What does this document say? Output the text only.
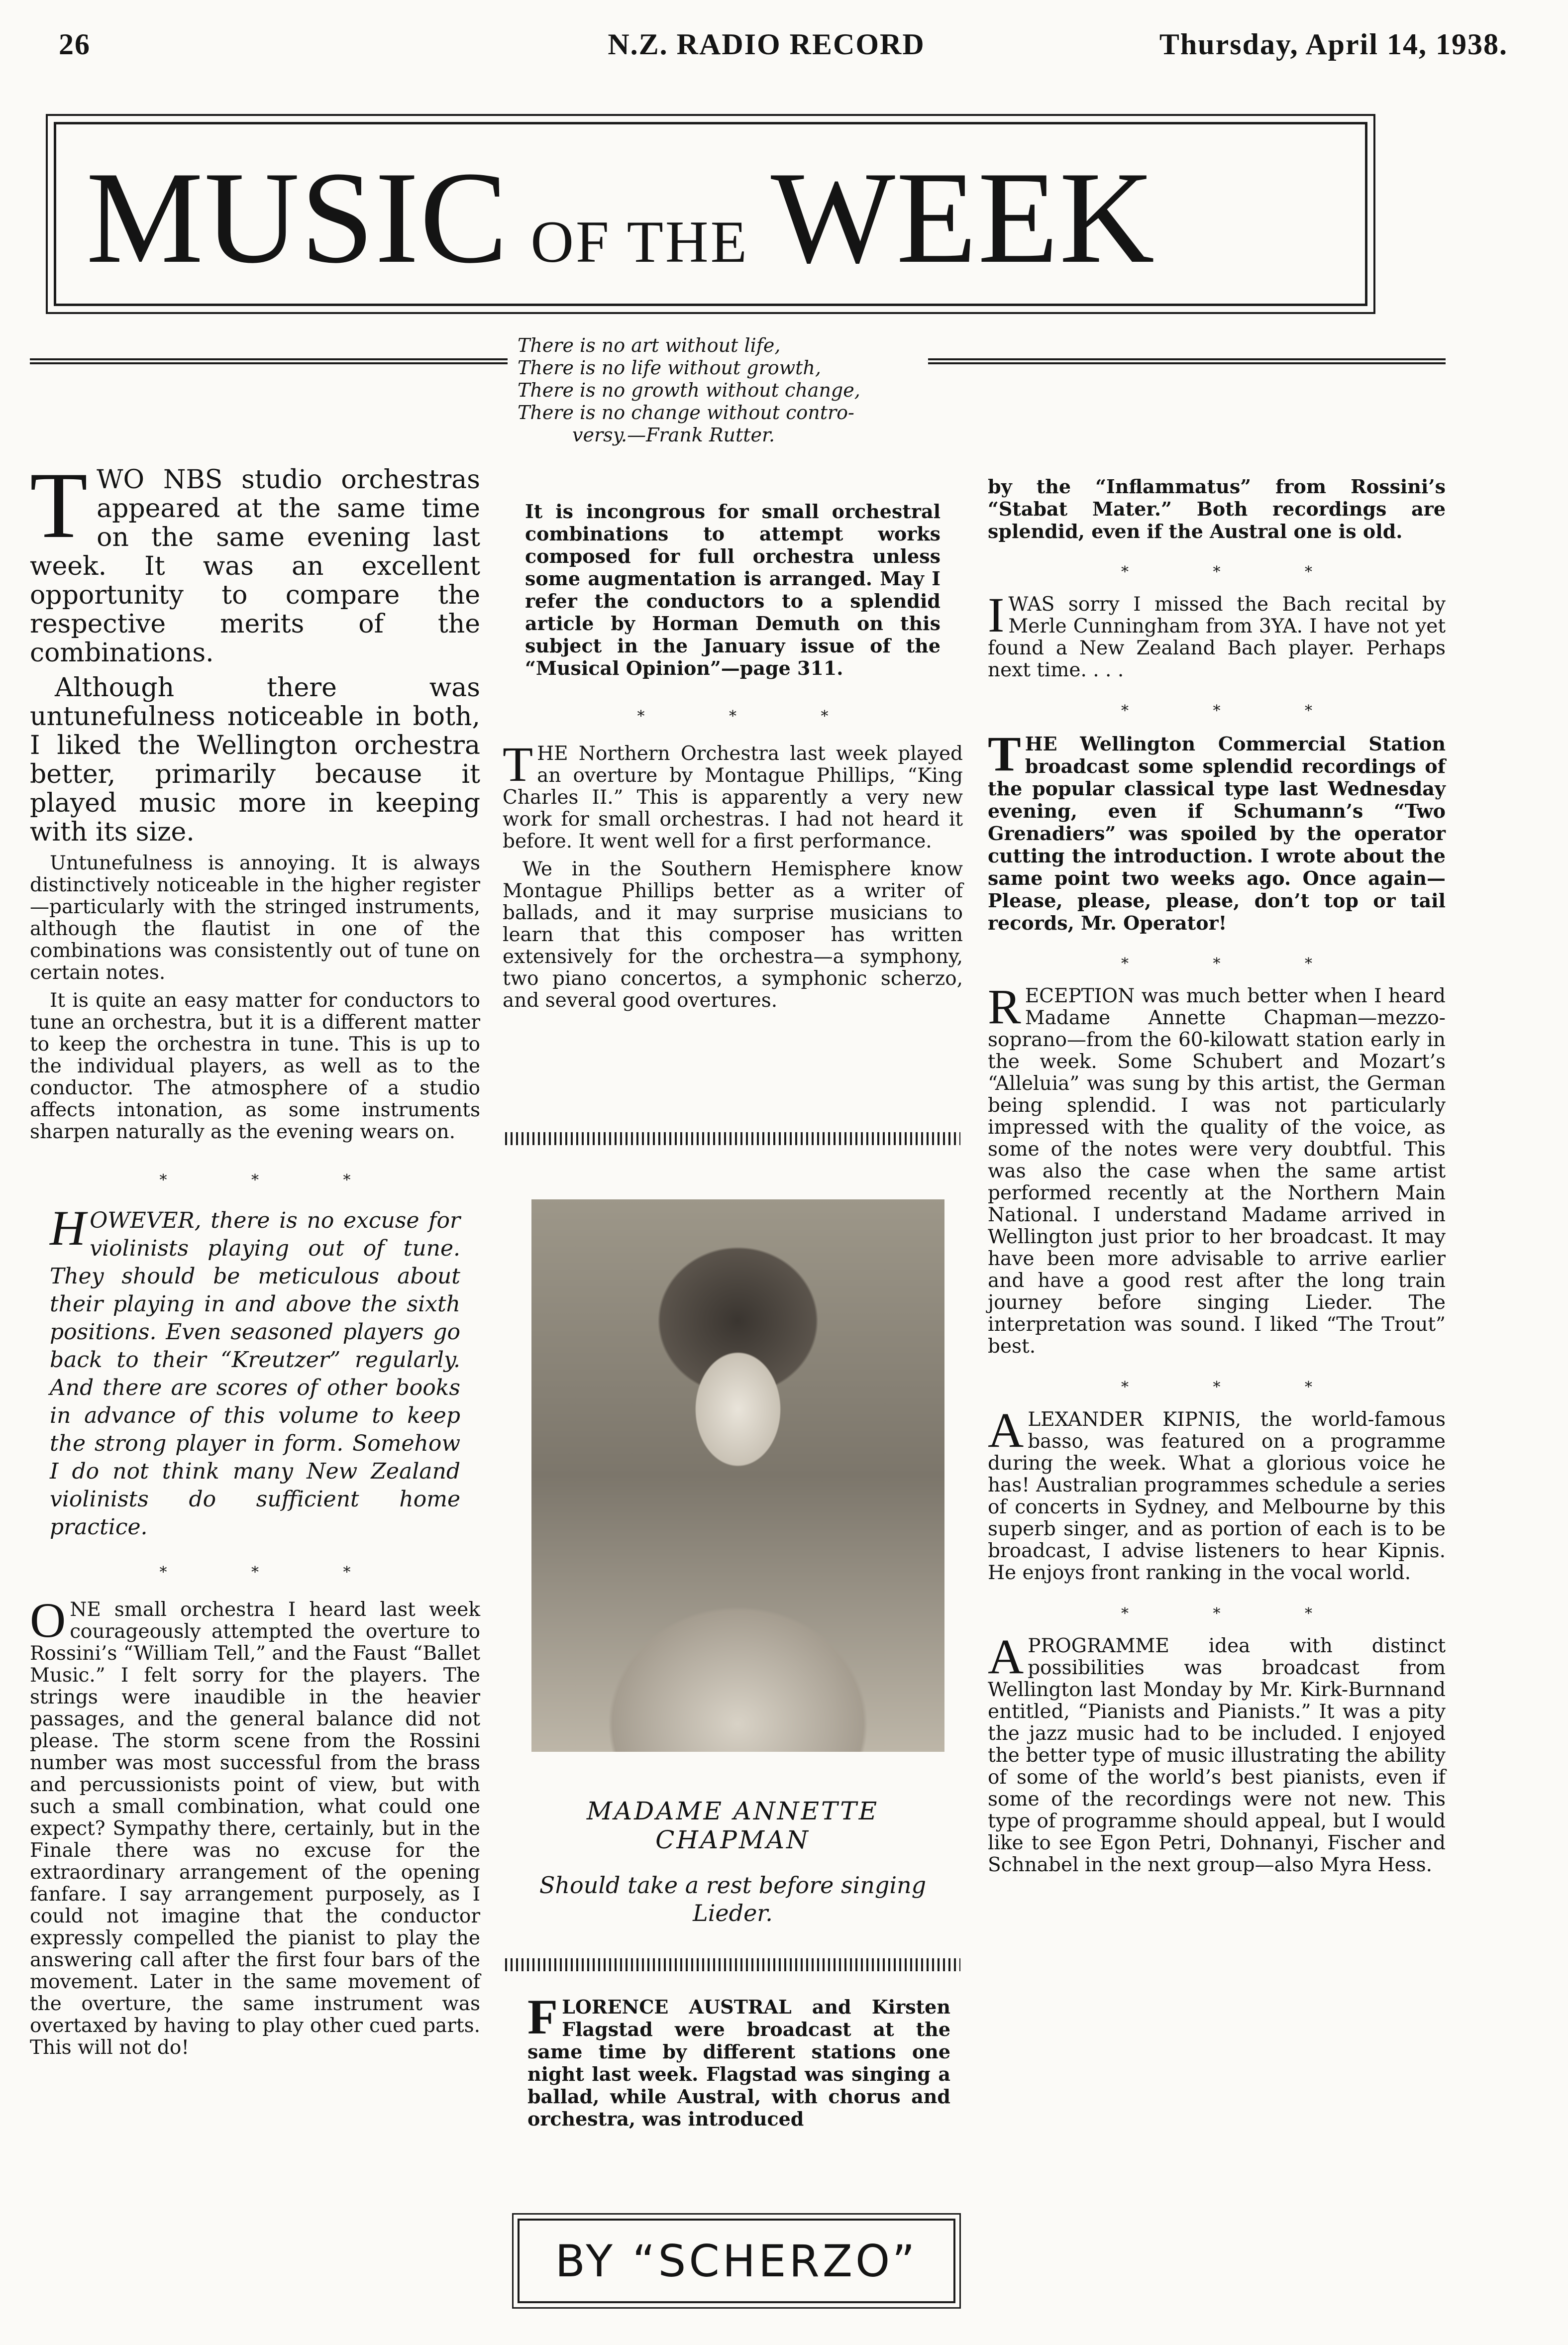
26	N.Z. RADIO RECORD	Thursday, April 14, 1938.
MUSIC OF THE WEEK
There is no art without life,
There is no life without growth,
There is no growth without change,
There is no change without contro-
versy.—Frank Rutter.

TWO NBS studio orchestras appeared at the same time on the same evening last week. It was an excellent opportunity to compare the respective merits of the combinations.

Although there was untunefulness noticeable in both, I liked the Wellington orchestra better, primarily because it played music more in keeping with its size.

Untunefulness is annoying. It is always distinctively noticeable in the higher register—particularly with the stringed instruments, although the flautist in one of the combinations was consistently out of tune on certain notes.

It is quite an easy matter for conductors to tune an orchestra, but it is a different matter to keep the orchestra in tune. This is up to the individual players, as well as to the conductor. The atmosphere of a studio affects intonation, as some instruments sharpen naturally as the evening wears on.

* * *
HOWEVER, there is no excuse for violinists playing out of tune. They should be meticulous about their playing in and above the sixth positions. Even seasoned players go back to their “Kreutzer” regularly. And there are scores of other books in advance of this volume to keep the strong player in form. Somehow I do not think many New Zealand violinists do sufficient home practice.
* * *

ONE small orchestra I heard last week courageously attempted the overture to Rossini’s “William Tell,” and the Faust “Ballet Music.” I felt sorry for the players. The strings were inaudible in the heavier passages, and the general balance did not please. The storm scene from the Rossini number was most successful from the brass and percussionists point of view, but with such a small combination, what could one expect? Sympathy there, certainly, but in the Finale there was no excuse for the extraordinary arrangement of the opening fanfare. I say arrangement purposely, as I could not imagine that the conductor expressly compelled the pianist to play the answering call after the first four bars of the movement. Later in the same movement of the overture, the same instrument was overtaxed by having to play other cued parts. This will not do!

It is incongrous for small orchestral combinations to attempt works composed for full orchestra unless some augmentation is arranged. May I refer the conductors to a splendid article by Horman Demuth on this subject in the January issue of the “Musical Opinion”—page 311.

* * *

THE Northern Orchestra last week played an overture by Montague Phillips, “King Charles II.” This is apparently a very new work for small orchestras. I had not heard it before. It went well for a first performance.

We in the Southern Hemisphere know Montague Phillips better as a writer of ballads, and it may surprise musicians to learn that this composer has written extensively for the orchestra—a symphony, two piano concertos, a symphonic scherzo, and several good overtures.

MADAME ANNETTE
CHAPMAN
Should take a rest before singing
Lieder.

FLORENCE AUSTRAL and Kirsten Flagstad were broadcast at the same time by different stations one night last week. Flagstad was singing a ballad, while Austral, with chorus and orchestra, was introduced

BY “SCHERZO”

by the “Inflammatus” from Rossini’s “Stabat Mater.” Both recordings are splendid, even if the Austral one is old.

* * *

IWAS sorry I missed the Bach recital by Merle Cunningham from 3YA. I have not yet found a New Zealand Bach player. Perhaps next time. . . .

* * *

THE Wellington Commercial Station broadcast some splendid recordings of the popular classical type last Wednesday evening, even if Schumann’s “Two Grenadiers” was spoiled by the operator cutting the introduction. I wrote about the same point two weeks ago. Once again—Please, please, please, don’t top or tail records, Mr. Operator!

* * *

RECEPTION was much better when I heard Madame Annette Chapman—mezzo-soprano—from the 60-kilowatt station early in the week. Some Schubert and Mozart’s “Alleluia” was sung by this artist, the German being splendid. I was not particularly impressed with the quality of the voice, as some of the notes were very doubtful. This was also the case when the same artist performed recently at the Northern Main National. I understand Madame arrived in Wellington just prior to her broadcast. It may have been more advisable to arrive earlier and have a good rest after the long train journey before singing Lieder. The interpretation was sound. I liked “The Trout” best.

* * *

ALEXANDER KIPNIS, the world-famous basso, was featured on a programme during the week. What a glorious voice he has! Australian programmes schedule a series of concerts in Sydney, and Melbourne by this superb singer, and as portion of each is to be broadcast, I advise listeners to hear Kipnis. He enjoys front ranking in the vocal world.

* * *

A PROGRAMME idea with distinct possibilities was broadcast from Wellington last Monday by Mr. Kirk-Burnnand entitled, “Pianists and Pianists.” It was a pity the jazz music had to be included. I enjoyed the better type of music illustrating the ability of some of the world’s best pianists, even if some of the recordings were not new. This type of programme should appeal, but I would like to see Egon Petri, Dohnanyi, Fischer and Schnabel in the next group—also Myra Hess.
